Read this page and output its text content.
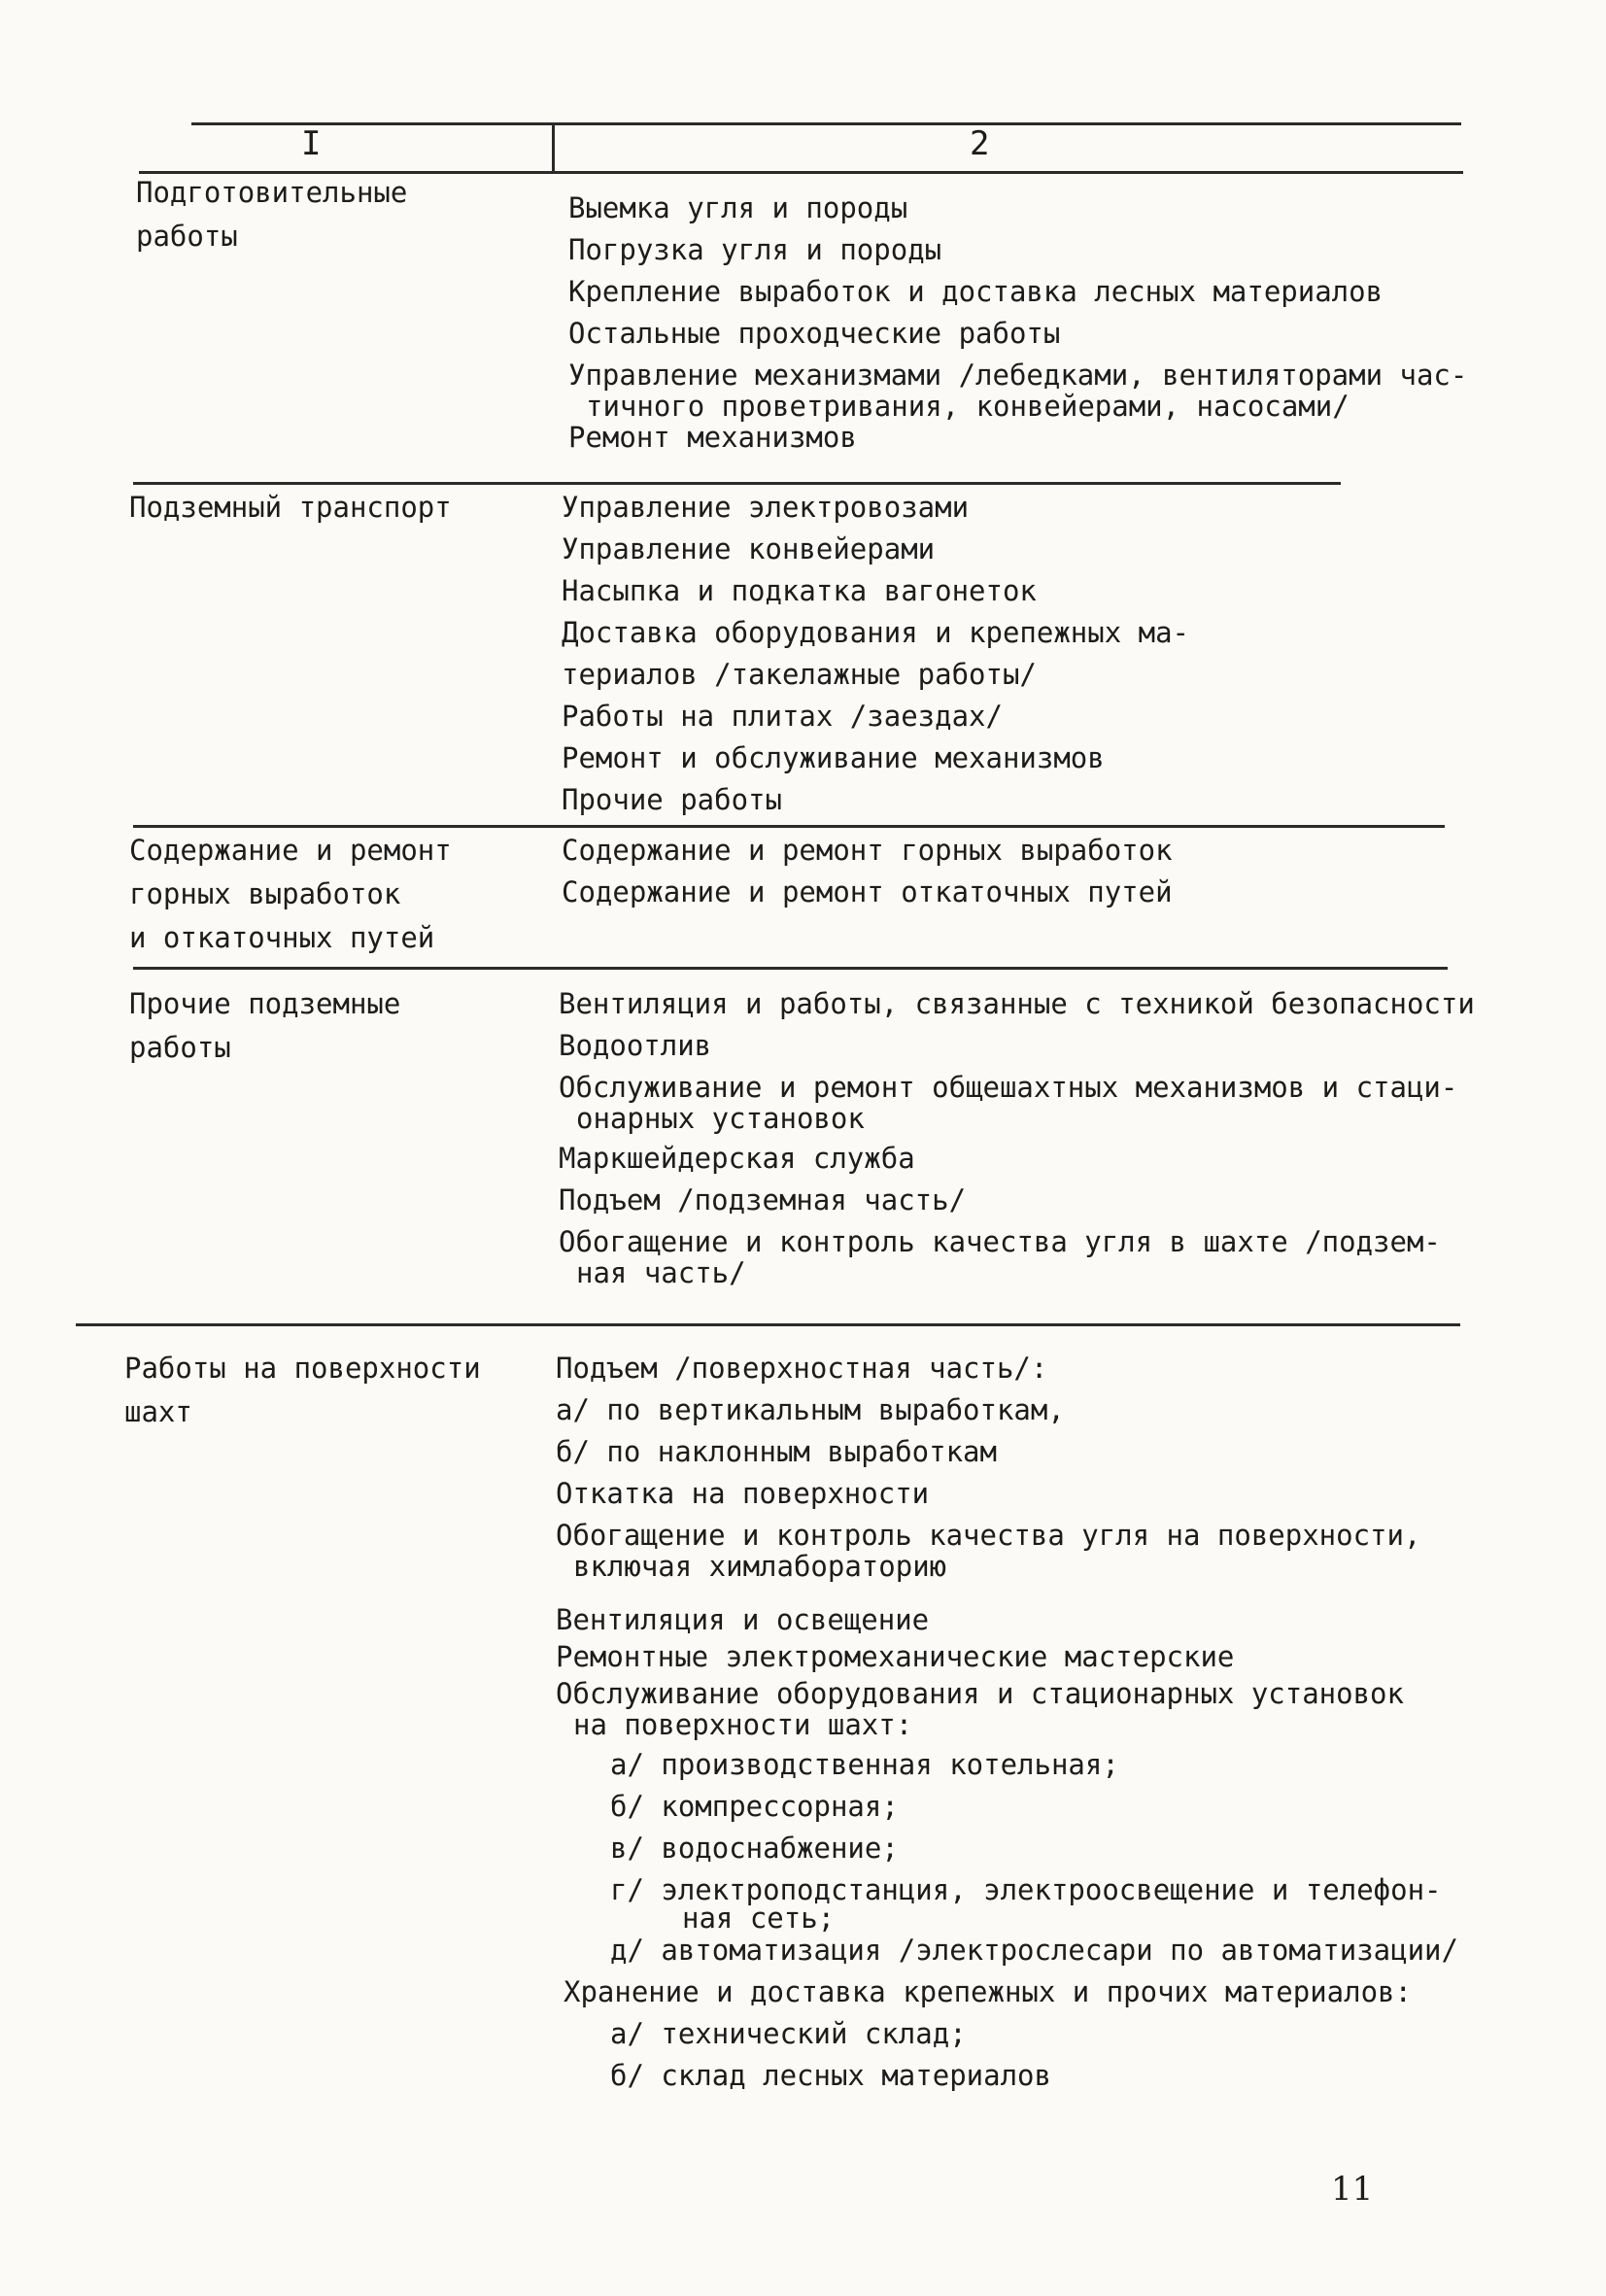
I	2
Подготовительные
работы
Выемка угля и породы
Погрузка угля и породы
Крепление выработок и доставка лесных материалов
Остальные проходческие работы
Управление механизмами /лебедками, вентиляторами час-
тичного проветривания, конвейерами, насосами/
Ремонт механизмов
Подземный транспорт	Управление электровозами
Управление конвейерами
Насыпка и подкатка вагонеток
Доставка оборудования и крепежных ма-
териалов /такелажные работы/
Работы на плитах /заездах/
Ремонт и обслуживание механизмов
Прочие работы
Содержание и ремонт
горных выработок
и откаточных путей
Содержание и ремонт горных выработок
Содержание и ремонт откаточных путей
Прочие подземные
работы
Вентиляция и работы, связанные с техникой безопасности
Водоотлив
Обслуживание и ремонт общешахтных механизмов и стаци-
онарных установок
Маркшейдерская служба
Подъем /подземная часть/
Обогащение и контроль качества угля в шахте /подзем-
ная часть/
Работы на поверхности
шахт
Подъем /поверхностная часть/:
а/ по вертикальным выработкам,
б/ по наклонным выработкам
Откатка на поверхности
Обогащение и контроль качества угля на поверхности,
включая химлабораторию
Вентиляция и освещение
Ремонтные электромеханические мастерские
Обслуживание оборудования и стационарных установок
на поверхности шахт:
а/ производственная котельная;
б/ компрессорная;
в/ водоснабжение;
г/ электроподстанция, электроосвещение и телефон-
ная сеть;
д/ автоматизация /электрослесари по автоматизации/
Хранение и доставка крепежных и прочих материалов:
а/ технический склад;
б/ склад лесных материалов
11
